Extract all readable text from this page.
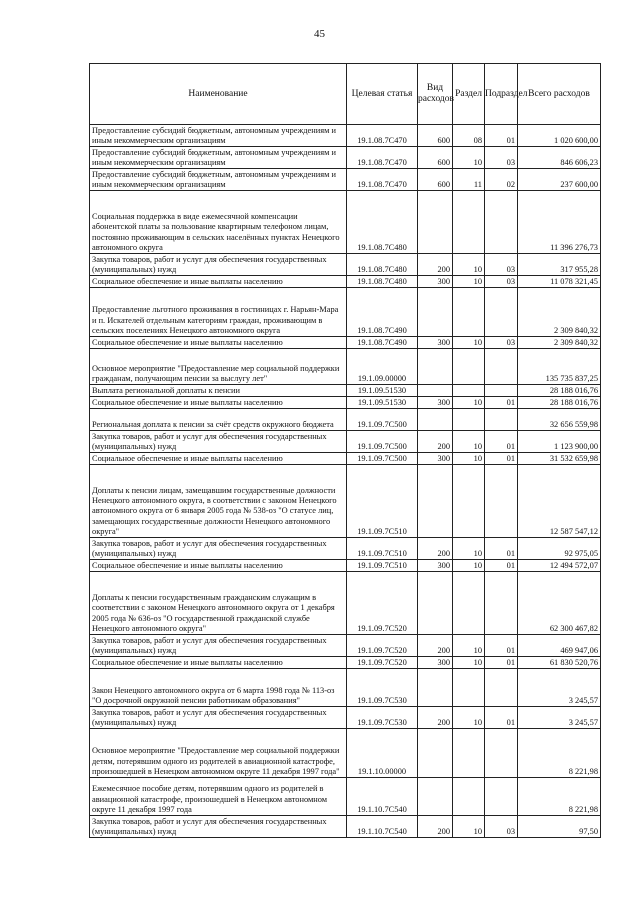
45
Наименование	Целевая статья	Вид расходов	Раздел	Подраздел	Всего расходов
Предоставление субсидий бюджетным, автономным учреждениям и иным некоммерческим организациям	19.1.08.7С470	600	08	01	1 020 600,00
Предоставление субсидий бюджетным, автономным учреждениям и иным некоммерческим организациям	19.1.08.7С470	600	10	03	846 606,23
Предоставление субсидий бюджетным, автономным учреждениям и иным некоммерческим организациям	19.1.08.7С470	600	11	02	237 600,00
Социальная поддержка в виде ежемесячной компенсации абонентской платы за пользование квартирным телефоном лицам, постоянно проживающим в сельских населённых пунктах Ненецкого автономного округа	19.1.08.7С480				11 396 276,73
Закупка товаров, работ и услуг для обеспечения государственных (муниципальных) нужд	19.1.08.7С480	200	10	03	317 955,28
Социальное обеспечение и иные выплаты населению	19.1.08.7С480	300	10	03	11 078 321,45
Предоставление льготного проживания в гостиницах г. Нарьян-Мара и п. Искателей отдельным категориям граждан, проживающим в сельских поселениях Ненецкого автономного округа	19.1.08.7С490				2 309 840,32
Социальное обеспечение и иные выплаты населению	19.1.08.7С490	300	10	03	2 309 840,32
Основное мероприятие "Предоставление мер социальной поддержки гражданам, получающим пенсии за выслугу лет"	19.1.09.00000				135 735 837,25
Выплата региональной доплаты к пенсии	19.1.09.51530				28 188 016,76
Социальное обеспечение и иные выплаты населению	19.1.09.51530	300	10	01	28 188 016,76
Региональная доплата к пенсии за счёт средств окружного бюджета	19.1.09.7С500				32 656 559,98
Закупка товаров, работ и услуг для обеспечения государственных (муниципальных) нужд	19.1.09.7С500	200	10	01	1 123 900,00
Социальное обеспечение и иные выплаты населению	19.1.09.7С500	300	10	01	31 532 659,98
Доплаты к пенсии лицам, замещавшим государственные должности Ненецкого автономного округа, в соответствии с законом Ненецкого автономного округа от 6 января 2005 года № 538-оз "О статусе лиц, замещающих государственные должности Ненецкого автономного округа"	19.1.09.7С510				12 587 547,12
Закупка товаров, работ и услуг для обеспечения государственных (муниципальных) нужд	19.1.09.7С510	200	10	01	92 975,05
Социальное обеспечение и иные выплаты населению	19.1.09.7С510	300	10	01	12 494 572,07
Доплаты к пенсии государственным гражданским служащим в соответствии с законом Ненецкого автономного округа от 1 декабря 2005 года № 636-оз "О государственной гражданской службе Ненецкого автономного округа"	19.1.09.7С520				62 300 467,82
Закупка товаров, работ и услуг для обеспечения государственных (муниципальных) нужд	19.1.09.7С520	200	10	01	469 947,06
Социальное обеспечение и иные выплаты населению	19.1.09.7С520	300	10	01	61 830 520,76
Закон Ненецкого автономного округа от 6 марта 1998 года № 113-оз "О досрочной окружной пенсии работникам образования"	19.1.09.7С530				3 245,57
Закупка товаров, работ и услуг для обеспечения государственных (муниципальных) нужд	19.1.09.7С530	200	10	01	3 245,57
Основное мероприятие "Предоставление мер социальной поддержки детям, потерявшим одного из родителей в авиационной катастрофе, произошедшей в Ненецком автономном округе 11 декабря 1997 года"	19.1.10.00000				8 221,98
Ежемесячное пособие детям, потерявшим одного из родителей в авиационной катастрофе, произошедшей в Ненецком автономном округе 11 декабря 1997 года	19.1.10.7С540				8 221,98
Закупка товаров, работ и услуг для обеспечения государственных (муниципальных) нужд	19.1.10.7С540	200	10	03	97,50
